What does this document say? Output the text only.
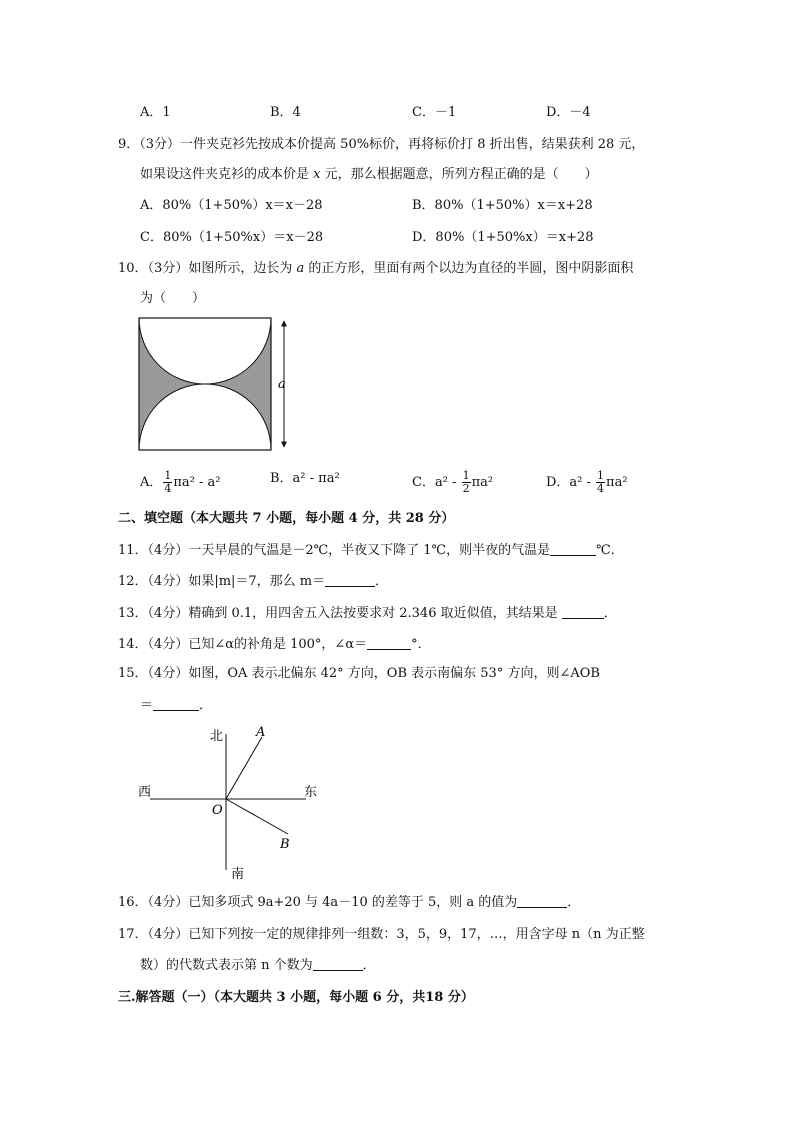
A．1	B．4	C．－1	D．－4
9．（3分）一件夹克衫先按成本价提高 50%标价，再将标价打 8 折出售，结果获利 28 元，
如果设这件夹克衫的成本价是 x 元，那么根据题意，所列方程正确的是（　　）
A．80%（1+50%）x＝x－28	B．80%（1+50%）x＝x+28
C．80%（1+50%x）＝x－28	D．80%（1+50%x）＝x+28
10．（3分）如图所示，边长为 a 的正方形，里面有两个以边为直径的半圆，图中阴影面积
为（　　）
a
A． $\frac{1}{4} \pi a^2 - a^2$	B．a² - πa²	C．$a^2 - \frac{1}{2} \pi a^2$	D．$a^2 - \frac{1}{4} \pi a^2$
二、填空题（本大题共 7 小题，每小题 4 分，共 28 分）
11．（4分）一天早晨的气温是－2℃，半夜又下降了 1℃，则半夜的气温是	℃．
12．（4分）如果|m|＝7，那么 m＝	．
13．（4分）精确到 0.1，用四舍五入法按要求对 2.346 取近似值，其结果是	．
14．（4分）已知∠α的补角是 100°，∠α＝	°．
15．（4分）如图，OA 表示北偏东 42° 方向，OB 表示南偏东 53° 方向，则∠AOB
＝	．
北
南
西	东
O
A
B
16．（4分）已知多项式 9a+20 与 4a－10 的差等于 5，则 a 的值为	．
17．（4分）已知下列按一定的规律排列一组数：3，5，9，17，…，用含字母 n（n 为正整
数）的代数式表示第 n 个数为	．
三.解答题（一）（本大题共 3 小题，每小题 6 分，共18 分）
